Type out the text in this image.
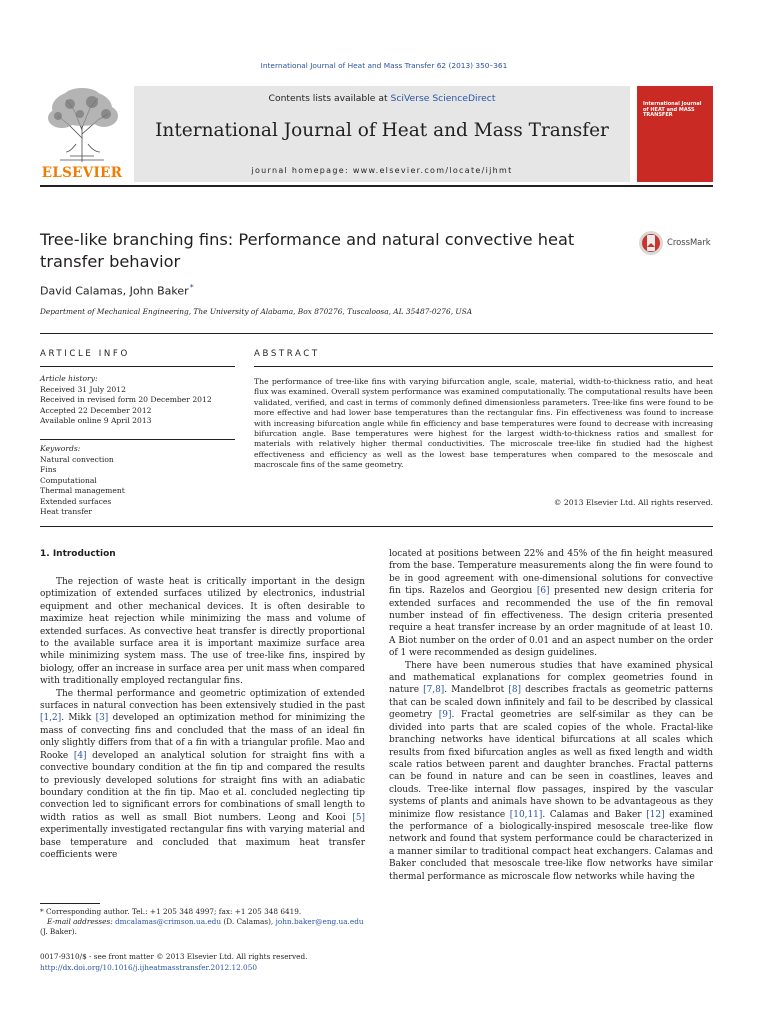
International Journal of Heat and Mass Transfer 62 (2013) 350–361
ELSEVIER
Contents lists available at SciVerse ScienceDirect
International Journal of Heat and Mass Transfer
journal homepage: www.elsevier.com/locate/ijhmt
International Journal of HEAT and MASS TRANSFER
Tree-like branching fins: Performance and natural convective heat transfer behavior
CrossMark
David Calamas, John Baker *
Department of Mechanical Engineering, The University of Alabama, Box 870276, Tuscaloosa, AL 35487-0276, USA
ARTICLE INFO
Article history:
Received 31 July 2012
Received in revised form 20 December 2012
Accepted 22 December 2012
Available online 9 April 2013
Keywords:
Natural convection
Fins
Computational
Thermal management
Extended surfaces
Heat transfer
ABSTRACT
The performance of tree-like fins with varying bifurcation angle, scale, material, width-to-thickness ratio, and heat flux was examined. Overall system performance was examined computationally. The computational results have been validated, verified, and cast in terms of commonly defined dimensionless parameters. Tree-like fins were found to be more effective and had lower base temperatures than the rectangular fins. Fin effectiveness was found to increase with increasing bifurcation angle while fin efficiency and base temperatures were found to decrease with increasing bifurcation angle. Base temperatures were highest for the largest width-to-thickness ratios and smallest for materials with relatively higher thermal conductivities. The microscale tree-like fin studied had the highest effectiveness and efficiency as well as the lowest base temperatures when compared to the mesoscale and macroscale fins of the same geometry.
© 2013 Elsevier Ltd. All rights reserved.
1. Introduction

The rejection of waste heat is critically important in the design optimization of extended surfaces utilized by electronics, industrial equipment and other mechanical devices. It is often desirable to maximize heat rejection while minimizing the mass and volume of extended surfaces. As convective heat transfer is directly proportional to the available surface area it is important maximize surface area while minimizing system mass. The use of tree-like fins, inspired by biology, offer an increase in surface area per unit mass when compared with traditionally employed rectangular fins.

The thermal performance and geometric optimization of extended surfaces in natural convection has been extensively studied in the past [1,2]. Mikk [3] developed an optimization method for minimizing the mass of convecting fins and concluded that the mass of an ideal fin only slightly differs from that of a fin with a triangular profile. Mao and Rooke [4] developed an analytical solution for straight fins with a convective boundary condition at the fin tip and compared the results to previously developed solutions for straight fins with an adiabatic boundary condition at the fin tip. Mao et al. concluded neglecting tip convection led to significant errors for combinations of small length to width ratios as well as small Biot numbers. Leong and Kooi [5] experimentally investigated rectangular fins with varying material and base temperature and concluded that maximum heat transfer coefficients were

located at positions between 22% and 45% of the fin height measured from the base. Temperature measurements along the fin were found to be in good agreement with one-dimensional solutions for convective fin tips. Razelos and Georgiou [6] presented new design criteria for extended surfaces and recommended the use of the fin removal number instead of fin effectiveness. The design criteria presented require a heat transfer increase by an order magnitude of at least 10. A Biot number on the order of 0.01 and an aspect number on the order of 1 were recommended as design guidelines.

There have been numerous studies that have examined physical and mathematical explanations for complex geometries found in nature [7,8]. Mandelbrot [8] describes fractals as geometric patterns that can be scaled down infinitely and fail to be described by classical geometry [9]. Fractal geometries are self-similar as they can be divided into parts that are scaled copies of the whole. Fractal-like branching networks have identical bifurcations at all scales which results from fixed bifurcation angles as well as fixed length and width scale ratios between parent and daughter branches. Fractal patterns can be found in nature and can be seen in coastlines, leaves and clouds. Tree-like internal flow passages, inspired by the vascular systems of plants and animals have shown to be advantageous as they minimize flow resistance [10,11]. Calamas and Baker [12] examined the performance of a biologically-inspired mesoscale tree-like flow network and found that system performance could be characterized in a manner similar to traditional compact heat exchangers. Calamas and Baker concluded that mesoscale tree-like flow networks have similar thermal performance as microscale flow networks while having the

* Corresponding author. Tel.: +1 205 348 4997; fax: +1 205 348 6419.
E-mail addresses: dmcalamas@crimson.ua.edu (D. Calamas), john.baker@eng.ua.edu (J. Baker).
0017-9310/$ - see front matter © 2013 Elsevier Ltd. All rights reserved.
http://dx.doi.org/10.1016/j.ijheatmasstransfer.2012.12.050
